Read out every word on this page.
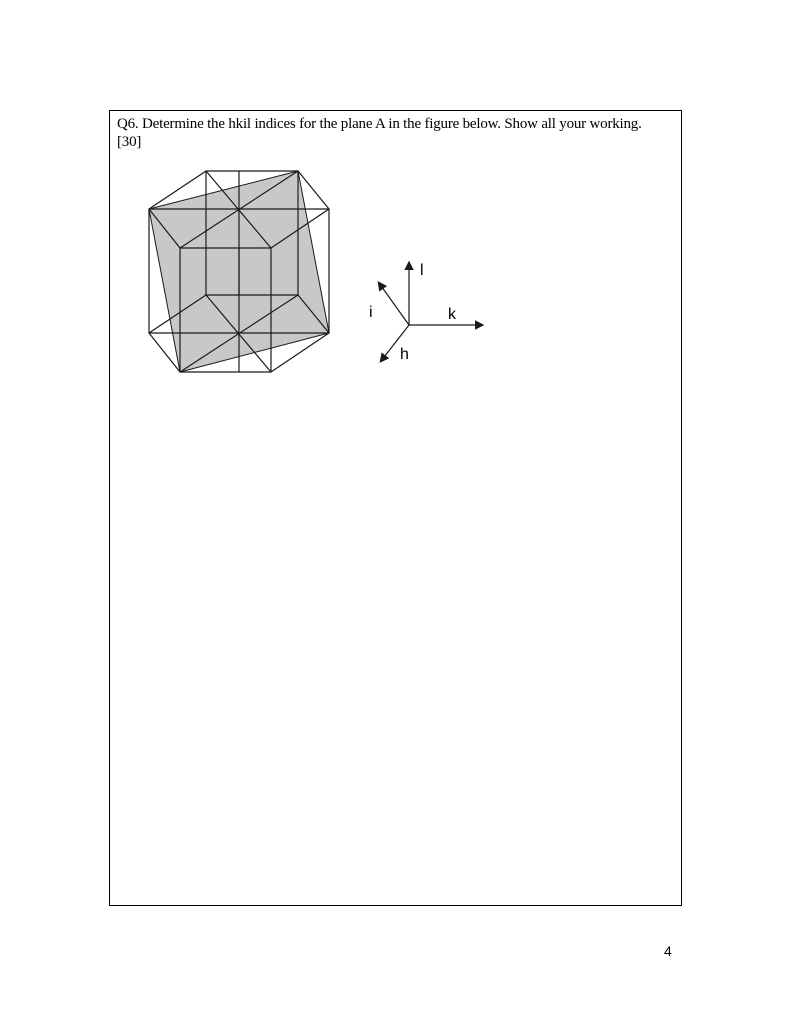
Q6. Determine the hkil indices for the plane A in the figure below. Show all your working. [30]

l
k
i
h
4
